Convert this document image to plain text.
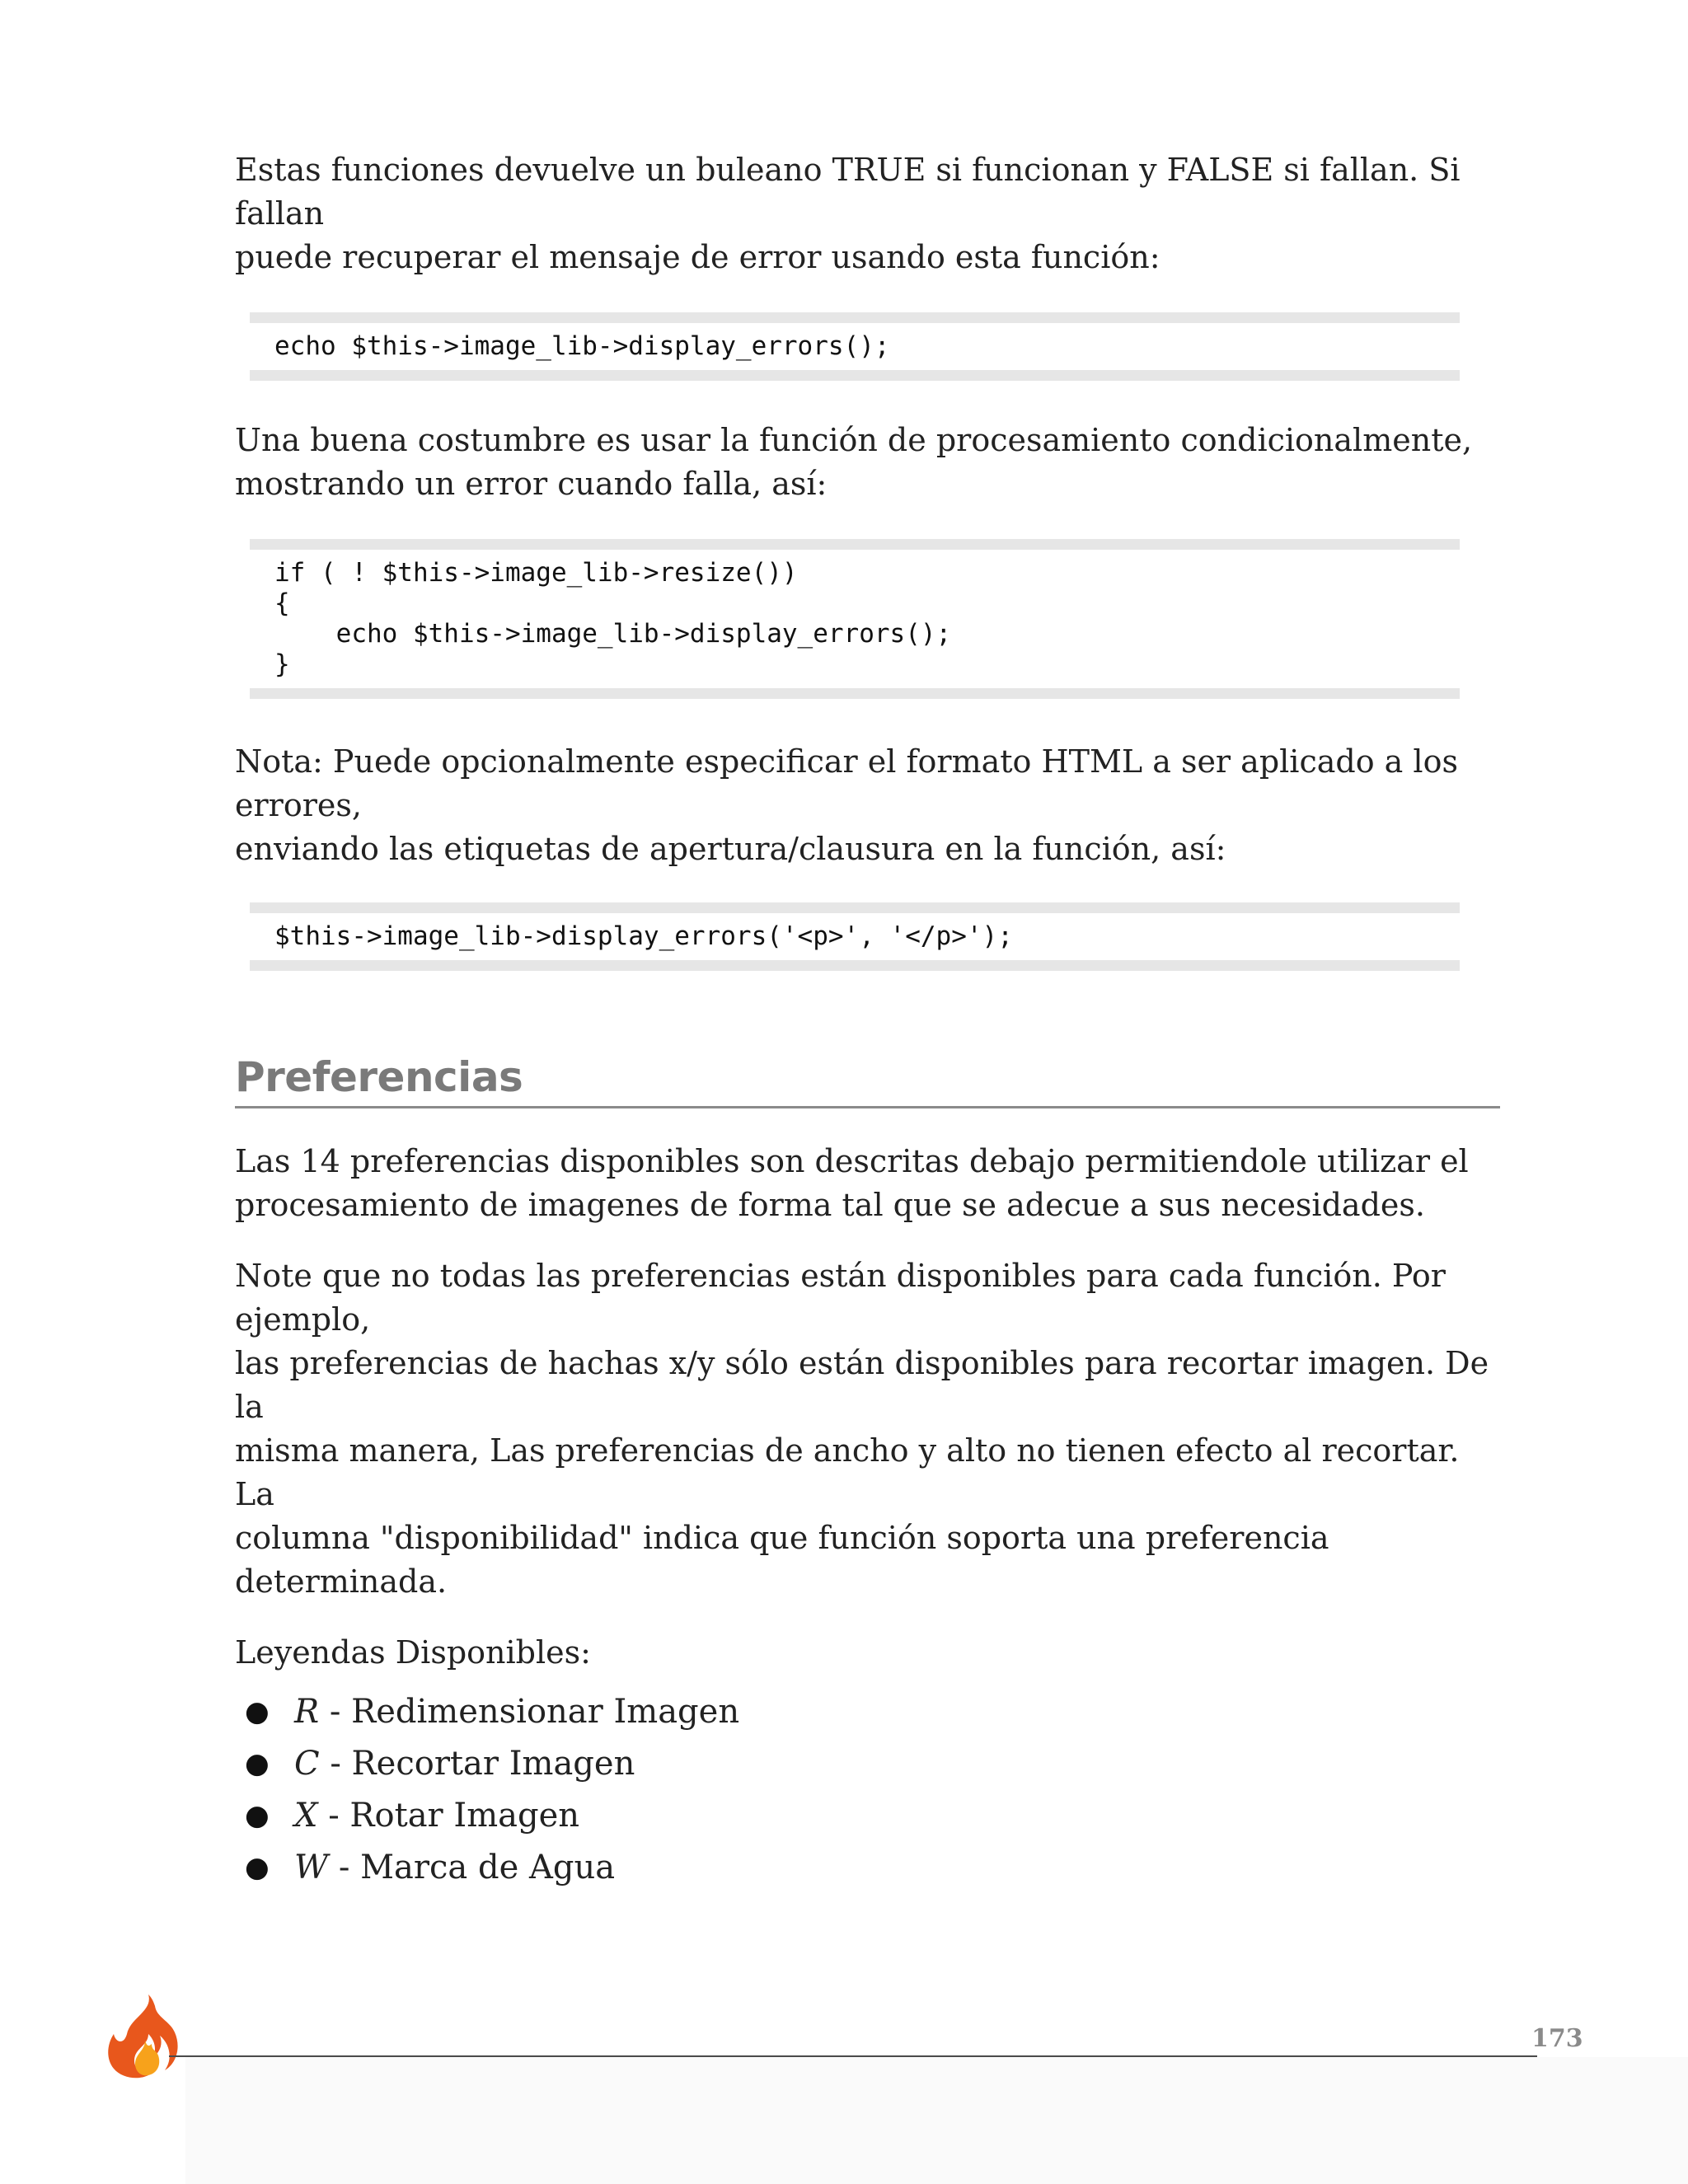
Estas funciones devuelve un buleano TRUE si funcionan y FALSE si fallan. Si fallan
puede recuperar el mensaje de error usando esta función:

echo $this->image_lib->display_errors();

Una buena costumbre es usar la función de procesamiento condicionalmente,
mostrando un error cuando falla, así:

if ( ! $this->image_lib->resize())
{
echo $this->image_lib->display_errors();
}

Nota: Puede opcionalmente especificar el formato HTML a ser aplicado a los errores,
enviando las etiquetas de apertura/clausura en la función, así:

$this->image_lib->display_errors('<p>', '</p>');
Preferencias

Las 14 preferencias disponibles son descritas debajo permitiendole utilizar el
procesamiento de imagenes de forma tal que se adecue a sus necesidades.

Note que no todas las preferencias están disponibles para cada función. Por ejemplo,
las preferencias de hachas x/y sólo están disponibles para recortar imagen. De la
misma manera, Las preferencias de ancho y alto no tienen efecto al recortar. La
columna "disponibilidad" indica que función soporta una preferencia determinada.

Leyendas Disponibles:

● R - Redimensionar Imagen
● C - Recortar Imagen
● X - Rotar Imagen
● W - Marca de Agua
173
